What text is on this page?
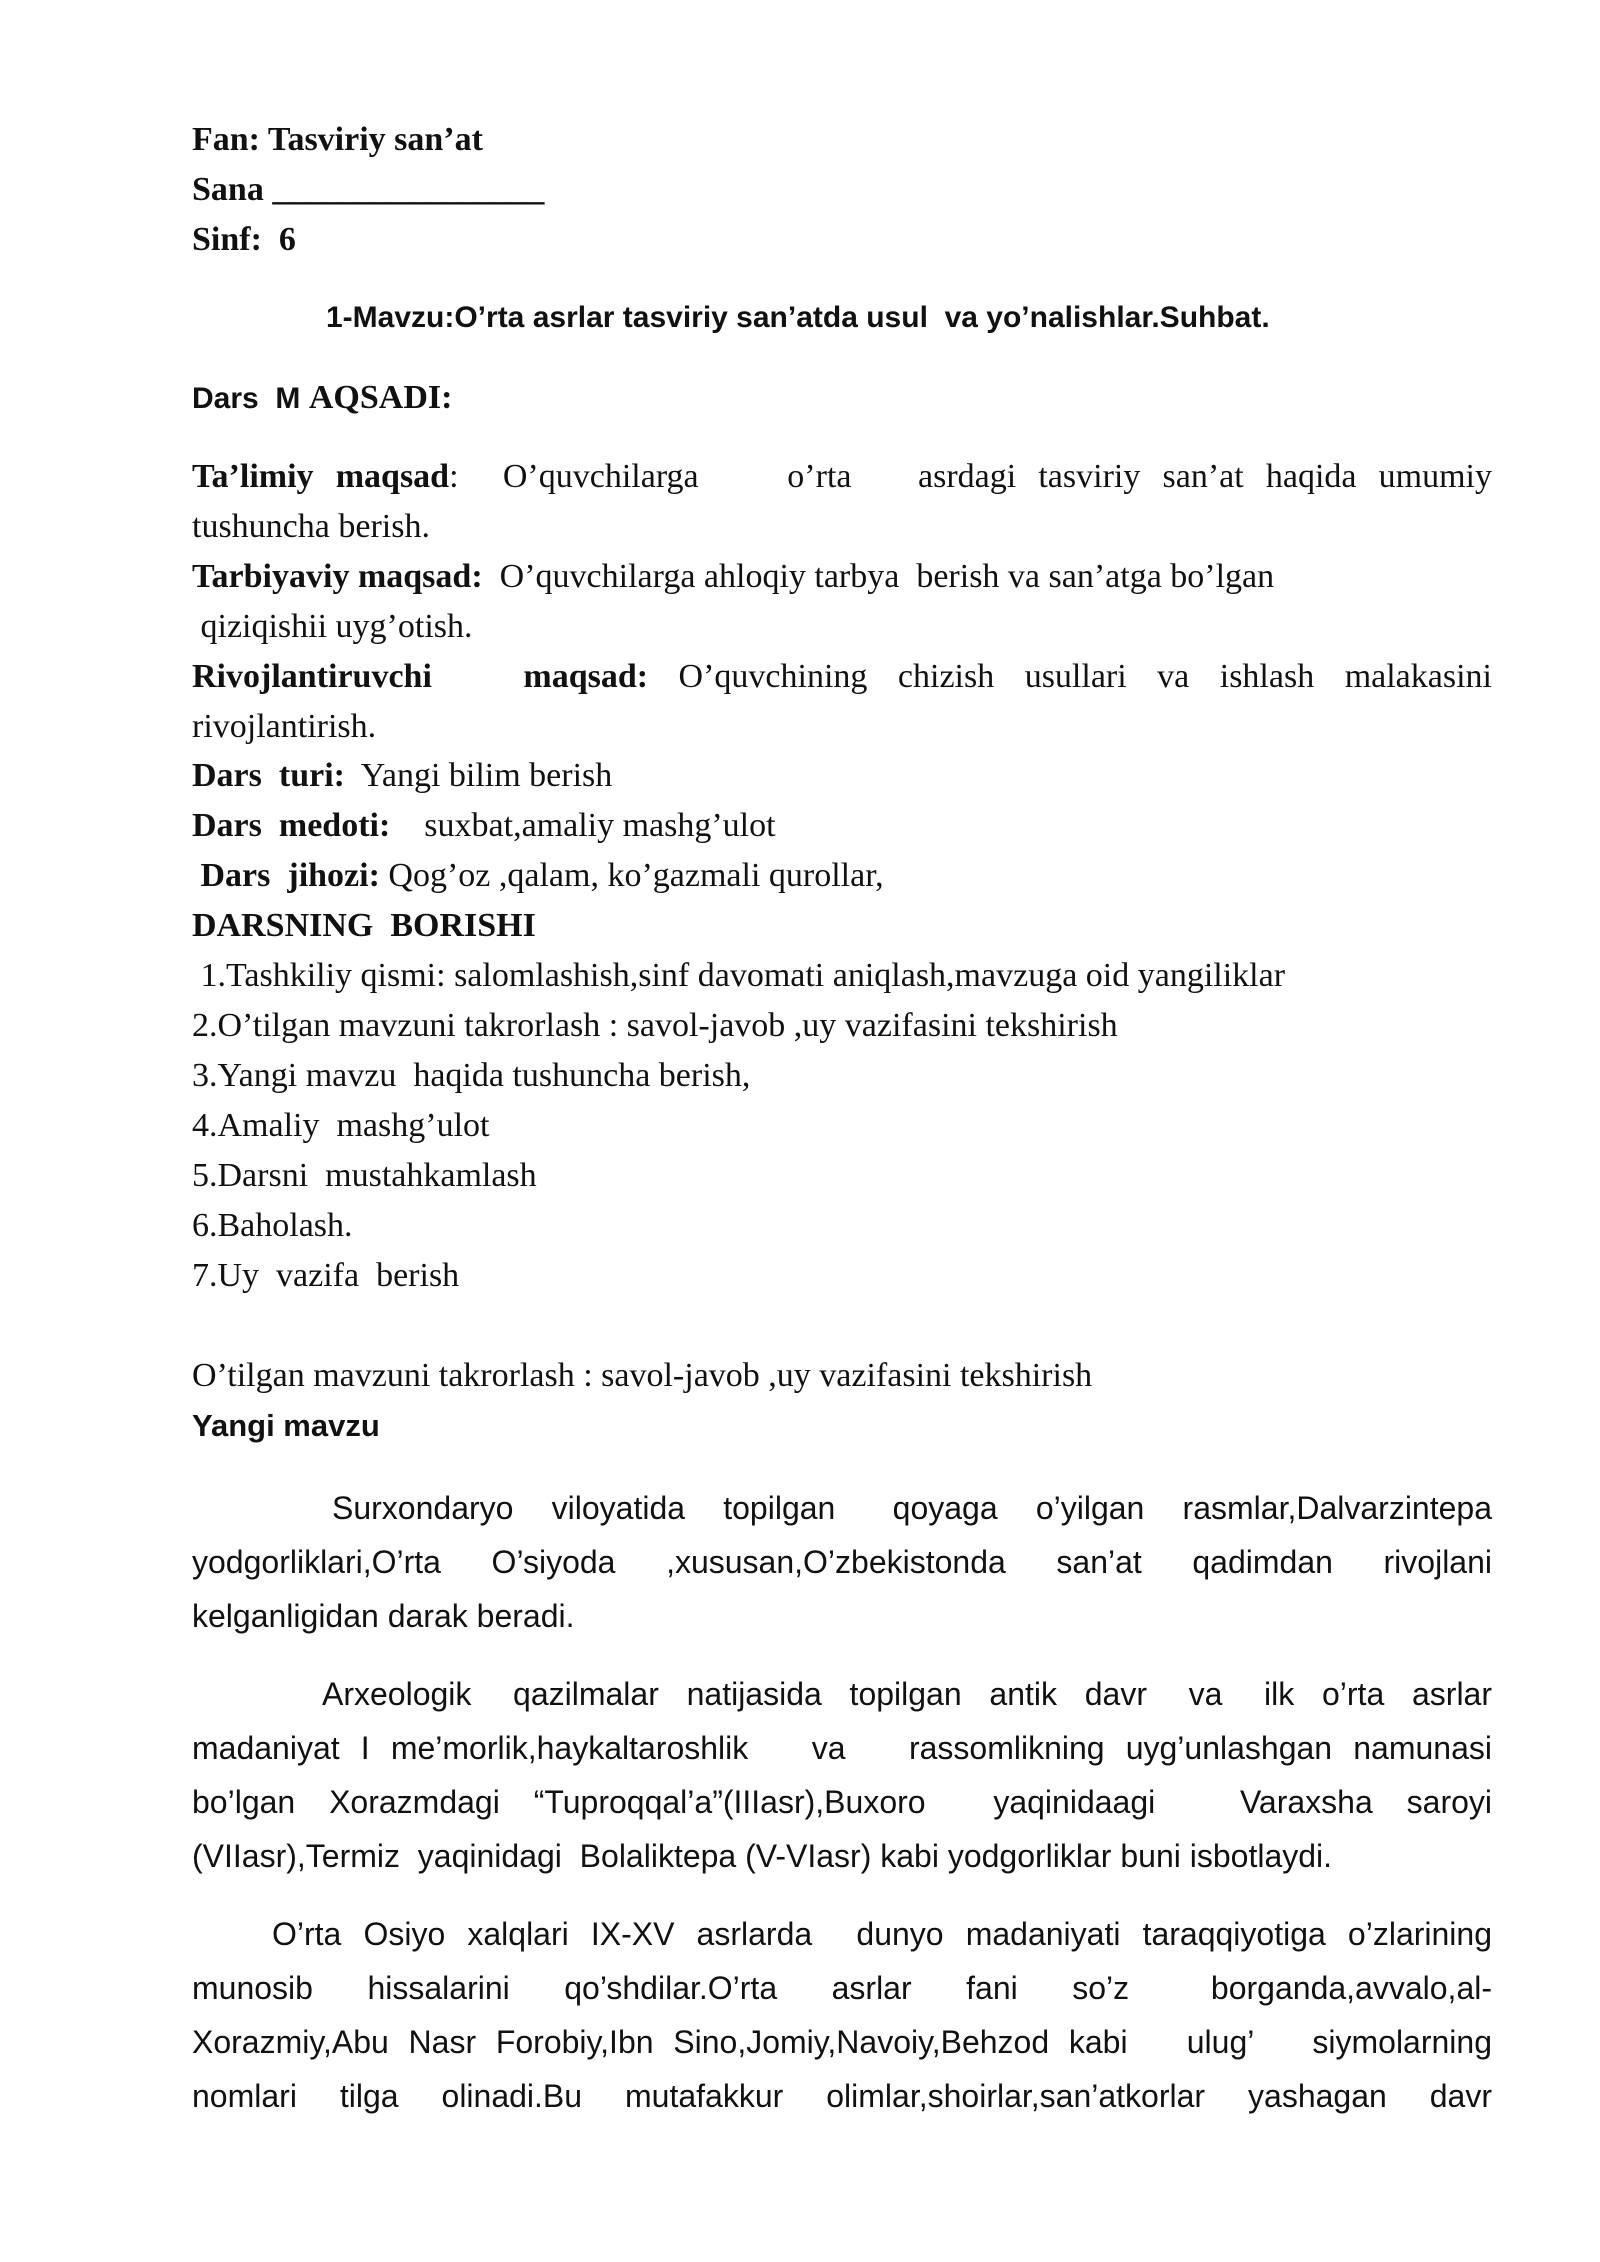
Fan: Tasviriy san’at
Sana ________________
Sinf:  6
1-Mavzu:O’rta asrlar tasviriy san’atda usul  va yo’nalishlar.Suhbat.
Dars  M AQSADI:
Ta’limiy maqsad:  O’quvchilarga    o’rta   asrdagi tasviriy san’at haqida umumiy
tushuncha berish.
Tarbiyaviy maqsad:  O’quvchilarga ahloqiy tarbya  berish va san’atga bo’lgan
qiziqishii uyg’otish.
Rivojlantiruvchi   maqsad: O’quvchining chizish usullari va ishlash malakasini
rivojlantirish.
Dars  turi:  Yangi bilim berish
Dars  medoti:    suxbat,amaliy mashg’ulot
Dars  jihozi: Qog’oz ,qalam, ko’gazmali qurollar,
DARSNING  BORISHI
1.Tashkiliy qismi: salomlashish,sinf davomati aniqlash,mavzuga oid yangiliklar
2.O’tilgan mavzuni takrorlash : savol-javob ,uy vazifasini tekshirish
3.Yangi mavzu  haqida tushuncha berish,
4.Amaliy  mashg’ulot
5.Darsni  mustahkamlash
6.Baholash.
7.Uy  vazifa  berish
O’tilgan mavzuni takrorlash : savol-javob ,uy vazifasini tekshirish
Yangi mavzu
Surxondaryo  viloyatida  topilgan   qoyaga  o’yilgan  rasmlar,Dalvarzintepa
yodgorliklari,O’rta   O’siyoda   ,xususan,O’zbekistonda   san’at   qadimdan   rivojlani
kelganligidan darak beradi.
Arxeologik   qazilmalar  natijasida  topilgan  antik  davr   va   ilk  o’rta  asrlar
madaniyat I me’morlik,haykaltaroshlik   va   rassomlikning uyg’unlashgan namunasi
bo’lgan  Xorazmdagi  “Tuproqqal’a”(IIIasr),Buxoro    yaqinidaagi     Varaxsha  saroyi
(VIIasr),Termiz  yaqinidagi  Bolaliktepa (V-VIasr) kabi yodgorliklar buni isbotlaydi.
O’rta Osiyo xalqlari IX-XV asrlarda  dunyo madaniyati taraqqiyotiga o’zlarining
munosib    hissalarini    qo’shdilar.O’rta    asrlar    fani    so’z      borganda,avvalo,al-
Xorazmiy,Abu Nasr Forobiy,Ibn Sino,Jomiy,Navoiy,Behzod kabi   ulug’   siymolarning
nomlari   tilga   olinadi.Bu   mutafakkur   olimlar,shoirlar,san’atkorlar   yashagan   davr
